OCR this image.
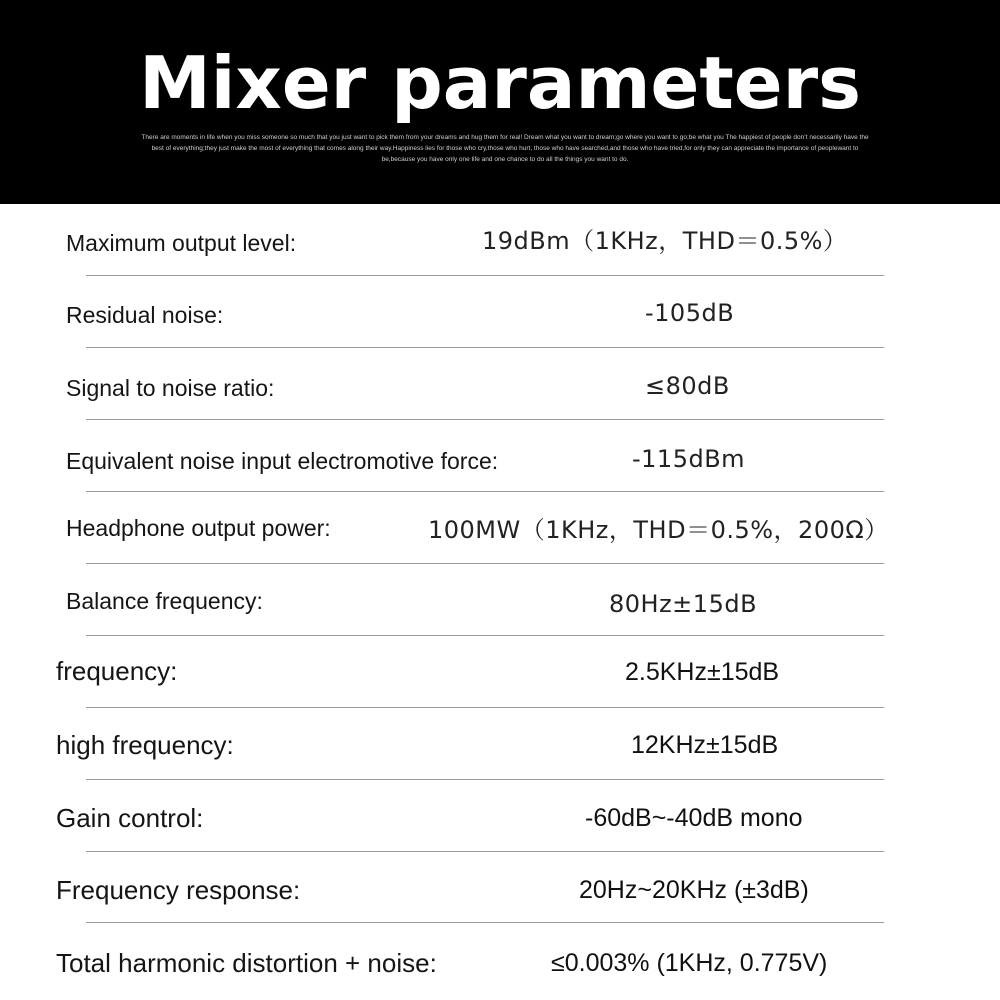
Mixer parameters
There are moments in life when you miss someone so much that you just want to pick them from your dreams and hug them for real! Dream what you want to dream;go where you want to go;be what you The happiest of people don’t necessarily have the best of everything;they just make the most of everything that comes along their way.Happiness lies for those who cry,those who hurt, those who have searched,and those who have tried,for only they can appreciate the importance of peoplewant to be,because you have only one life and one chance to do all the things you want to do.
Maximum output level:	19dBm（1KHz，THD＝0.5%）
Residual noise:	-105dB
Signal to noise ratio:	≤80dB
Equivalent noise input electromotive force:	-115dBm
Headphone output power:	100MW（1KHz，THD＝0.5%，200Ω）
Balance frequency:	80Hz±15dB
frequency:	2.5KHz±15dB
high frequency:	12KHz±15dB
Gain control:	-60dB~-40dB mono
Frequency response:	20Hz~20KHz (±3dB)
Total harmonic distortion + noise:	≤0.003% (1KHz, 0.775V)
